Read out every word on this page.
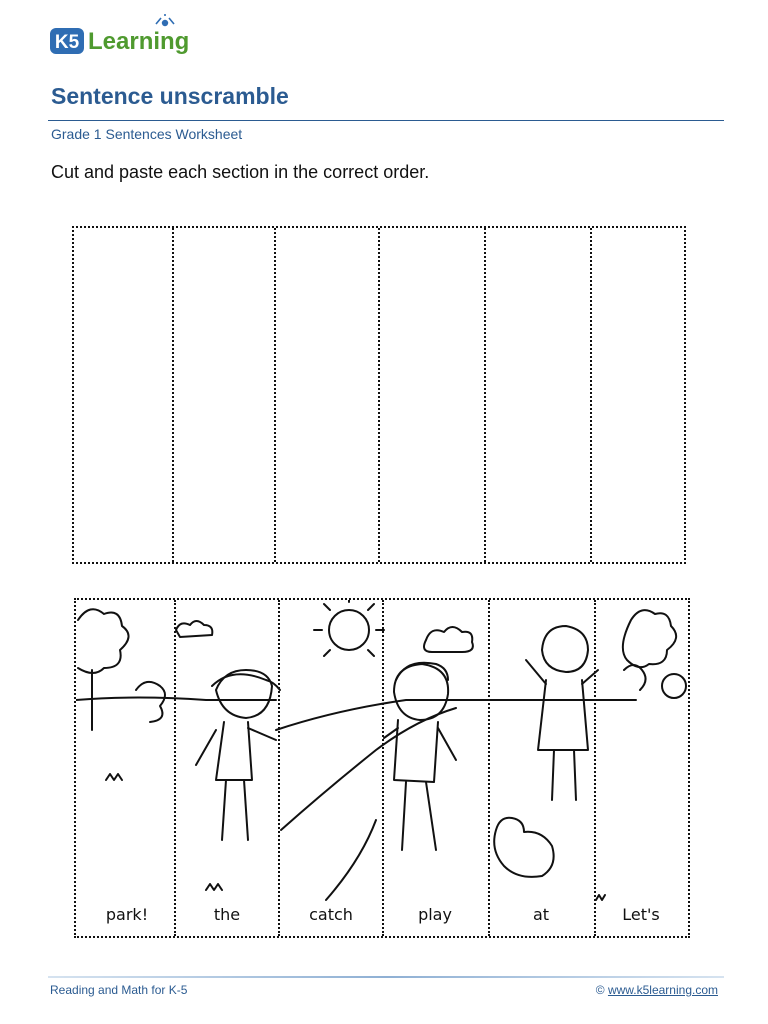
K5 Learning
Sentence unscramble
Grade 1 Sentences Worksheet
Cut and paste each section in the correct order.
park!	the	catch	play	at	Let's
Reading and Math for K-5	© www.k5learning.com
